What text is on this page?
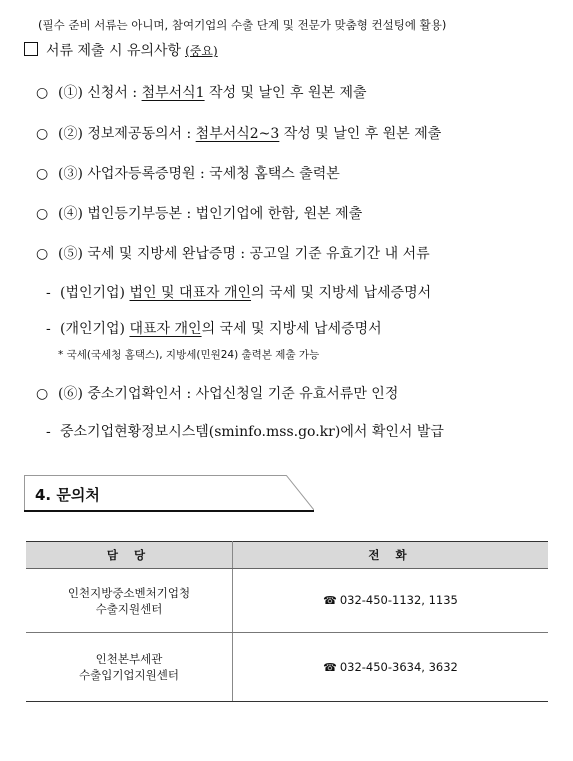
(필수 준비 서류는 아니며, 참여기업의 수출 단계 및 전문가 맞춤형 컨설팅에 활용)
서류 제출 시 유의사항 (중요)
○ (①) 신청서 : 첨부서식1 작성 및 날인 후 원본 제출
○ (②) 정보제공동의서 : 첨부서식2~3 작성 및 날인 후 원본 제출
○ (③) 사업자등록증명원 : 국세청 홈택스 출력본
○ (④) 법인등기부등본 : 법인기업에 한함, 원본 제출
○ (⑤) 국세 및 지방세 완납증명 : 공고일 기준 유효기간 내 서류
- (법인기업) 법인 및 대표자 개인의 국세 및 지방세 납세증명서
- (개인기업) 대표자 개인의 국세 및 지방세 납세증명서
* 국세(국세청 홈택스), 지방세(민원24) 출력본 제출 가능
○ (⑥) 중소기업확인서 : 사업신청일 기준 유효서류만 인정
- 중소기업현황정보시스템(sminfo.mss.go.kr)에서 확인서 발급
4. 문의처
담 당	전 화
인천지방중소벤처기업청
수출지원센터	☎ 032-450-1132, 1135
인천본부세관
수출입기업지원센터	☎ 032-450-3634, 3632
